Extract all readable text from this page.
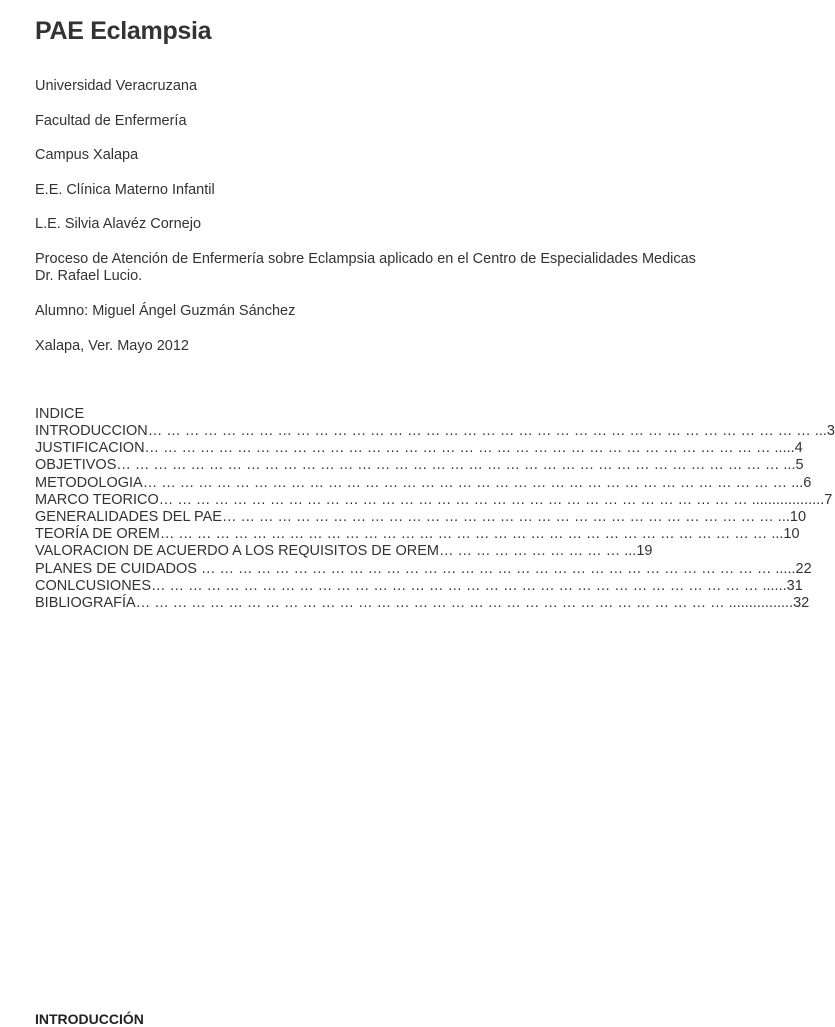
PAE Eclampsia

Universidad Veracruzana

Facultad de Enfermería

Campus Xalapa

E.E. Clínica Materno Infantil

L.E. Silvia Alavéz Cornejo

Proceso de Atención de Enfermería sobre Eclampsia aplicado en el Centro de Especialidades Medicas
Dr. Rafael Lucio.

Alumno: Miguel Ángel Guzmán Sánchez

Xalapa, Ver. Mayo 2012

INDICE

INTRODUCCION… … … … … … … … … … … … … … … … … … … … … … … … … … … … … … … … … … … … ...3
JUSTIFICACION… … … … … … … … … … … … … … … … … … … … … … … … … … … … … … … … … … .....4
OBJETIVOS… … … … … … … … … … … … … … … … … … … … … … … … … … … … … … … … … … … … ...5
METODOLOGIA… … … … … … … … … … … … … … … … … … … … … … … … … … … … … … … … … … … ...6
MARCO TEORICO… … … … … … … … … … … … … … … … … … … … … … … … … … … … … … … … ..................7
GENERALIDADES DEL PAE… … … … … … … … … … … … … … … … … … … … … … … … … … … … … … ...10
TEORÍA DE OREM… … … … … … … … … … … … … … … … … … … … … … … … … … … … … … … … … ...10
VALORACION DE ACUERDO A LOS REQUISITOS DE OREM… … … … … … … … … … ...19
PLANES DE CUIDADOS … … … … … … … … … … … … … … … … … … … … … … … … … … … … … … … .....22
CONLCUSIONES… … … … … … … … … … … … … … … … … … … … … … … … … … … … … … … … … ......31
BIBLIOGRAFÍA… … … … … … … … … … … … … … … … … … … … … … … … … … … … … … … … ................32
INTRODUCCIÓN
